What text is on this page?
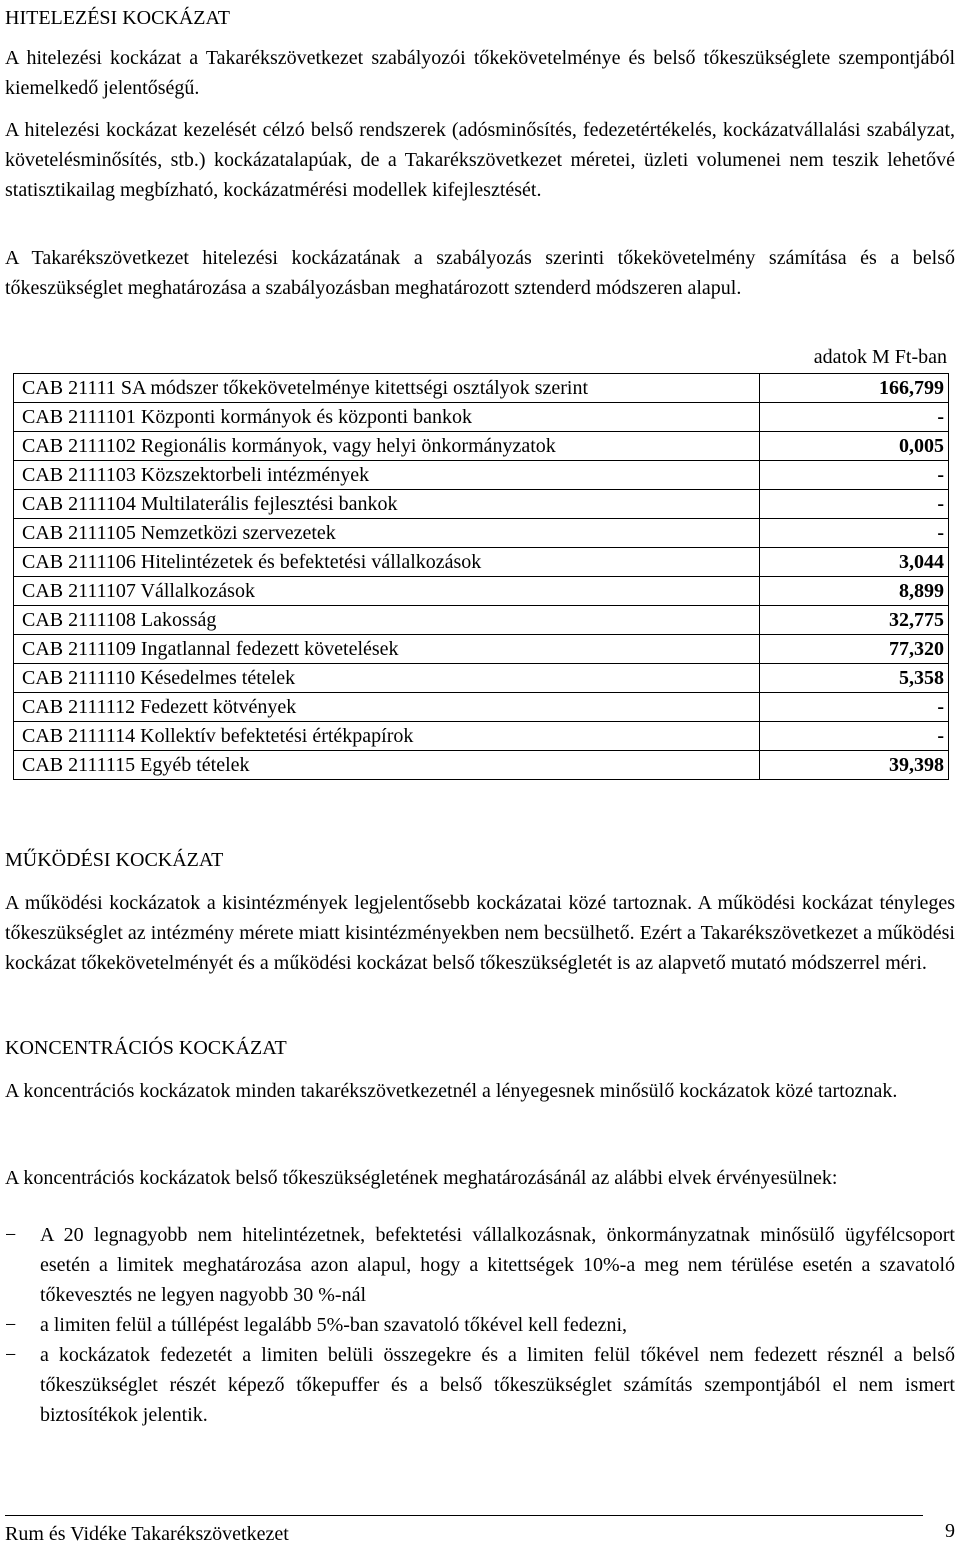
HITELEZÉSI KOCKÁZAT

A hitelezési kockázat a Takarékszövetkezet szabályozói tőkekövetelménye és belső tőkeszükséglete szempontjából kiemelkedő jelentőségű.

A hitelezési kockázat kezelését célzó belső rendszerek (adósminősítés, fedezetértékelés, kockázatvállalási szabályzat, követelésminősítés, stb.) kockázatalapúak, de a Takarékszövetkezet méretei, üzleti volumenei nem teszik lehetővé statisztikailag megbízható, kockázatmérési modellek kifejlesztését.

A Takarékszövetkezet hitelezési kockázatának a szabályozás szerinti tőkekövetelmény számítása és a belső tőkeszükséglet meghatározása a szabályozásban meghatározott sztenderd módszeren alapul.

adatok M Ft-ban
CAB 21111 SA módszer tőkekövetelménye kitettségi osztályok szerint	166,799
CAB 2111101 Központi kormányok és központi bankok	-
CAB 2111102 Regionális kormányok, vagy helyi önkormányzatok	0,005
CAB 2111103 Közszektorbeli intézmények	-
CAB 2111104 Multilaterális fejlesztési bankok	-
CAB 2111105 Nemzetközi szervezetek	-
CAB 2111106 Hitelintézetek és befektetési vállalkozások	3,044
CAB 2111107 Vállalkozások	8,899
CAB 2111108 Lakosság	32,775
CAB 2111109 Ingatlannal fedezett követelések	77,320
CAB 2111110 Késedelmes tételek	5,358
CAB 2111112 Fedezett kötvények	-
CAB 2111114 Kollektív befektetési értékpapírok	-
CAB 2111115 Egyéb tételek	39,398
MŰKÖDÉSI KOCKÁZAT

A működési kockázatok a kisintézmények legjelentősebb kockázatai közé tartoznak. A működési kockázat tényleges tőkeszükséglet az intézmény mérete miatt kisintézményekben nem becsülhető. Ezért a Takarékszövetkezet a működési kockázat tőkekövetelményét és a működési kockázat belső tőkeszükségletét is az alapvető mutató módszerrel méri.

KONCENTRÁCIÓS KOCKÁZAT

A koncentrációs kockázatok minden takarékszövetkezetnél a lényegesnek minősülő kockázatok közé tartoznak.

A koncentrációs kockázatok belső tőkeszükségletének meghatározásánál az alábbi elvek érvényesülnek:

−	A 20 legnagyobb nem hitelintézetnek, befektetési vállalkozásnak, önkormányzatnak minősülő ügyfélcsoport esetén a limitek meghatározása azon alapul, hogy a kitettségek 10%-a meg nem térülése esetén a szavatoló tőkevesztés ne legyen nagyobb 30 %-nál
−	a limiten felül a túllépést legalább 5%-ban szavatoló tőkével kell fedezni,
−	a kockázatok fedezetét a limiten belüli összegekre és a limiten felül tőkével nem fedezett résznél a belső tőkeszükséglet részét képező tőkepuffer és a belső tőkeszükséglet számítás szempontjából el nem ismert biztosítékok jelentik.
Rum és Vidéke Takarékszövetkezet	9
